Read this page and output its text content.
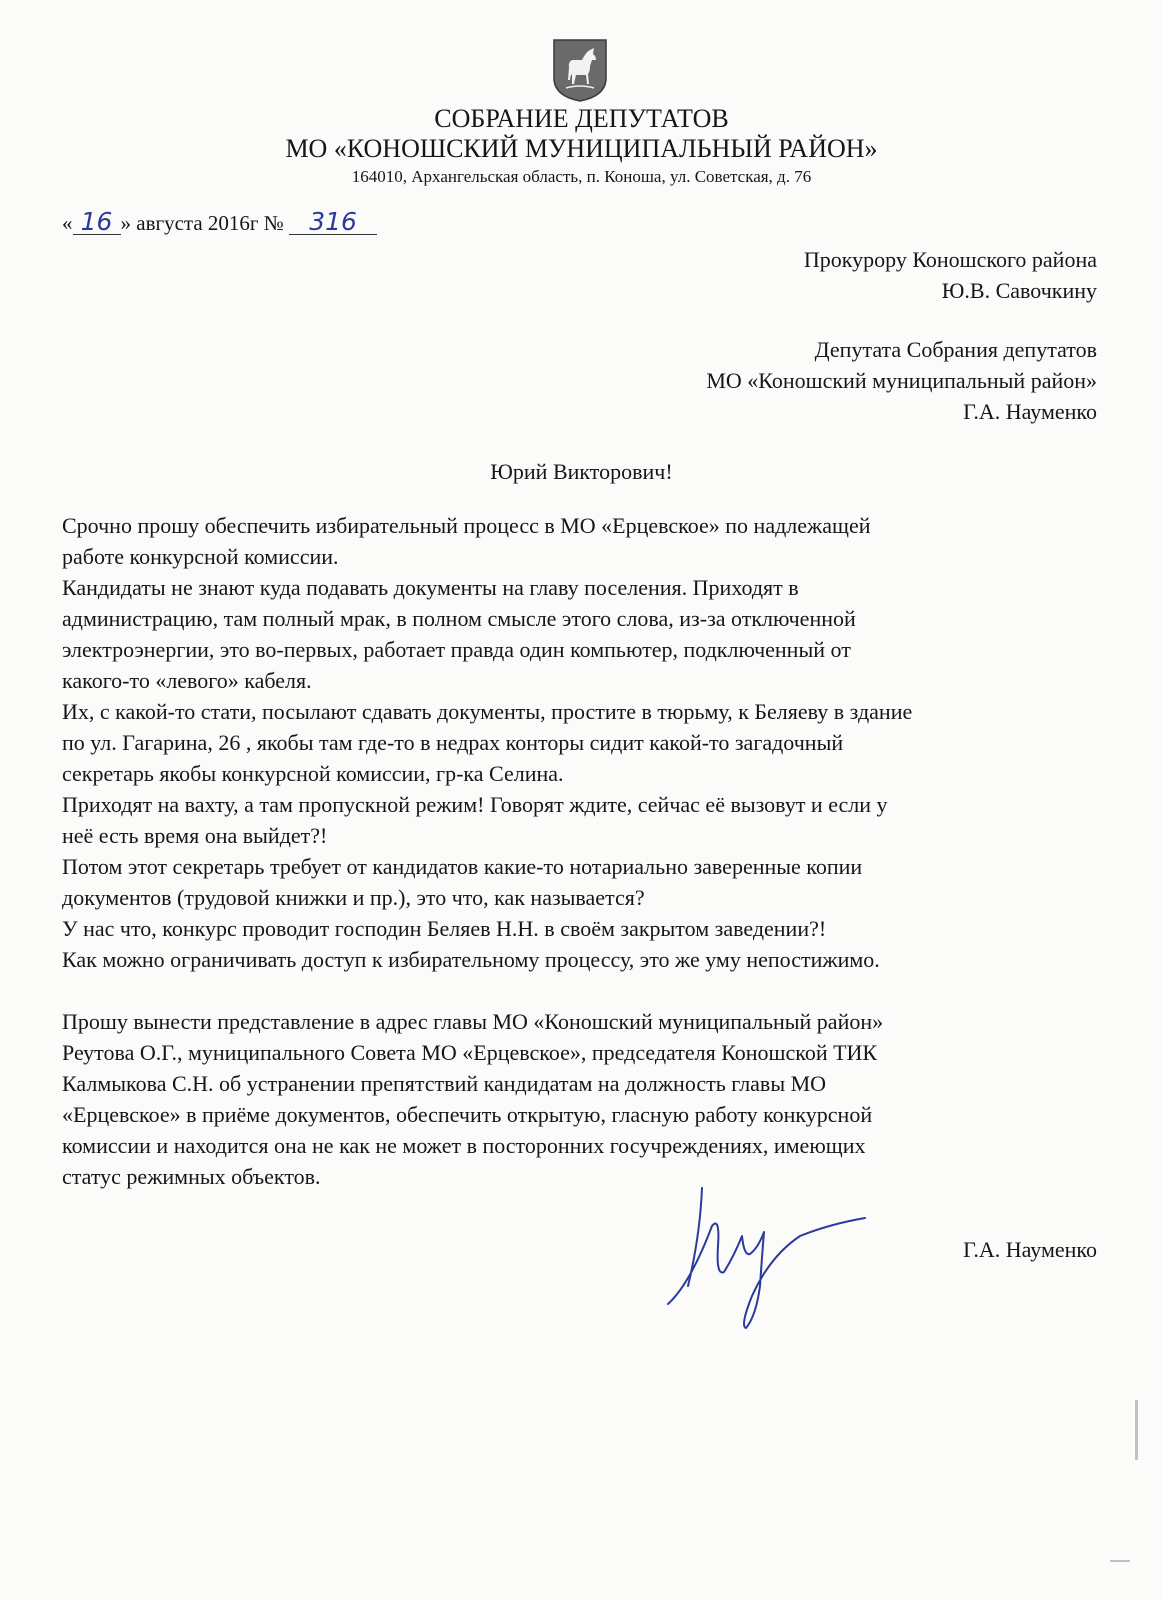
СОБРАНИЕ ДЕПУТАТОВ
МО «КОНОШСКИЙ МУНИЦИПАЛЬНЫЙ РАЙОН»
164010, Архангельская область, п. Коноша, ул. Советская, д. 76
« 16 » августа 2016г № 316
Прокурору Коношского района
Ю.В. Савочкину
Депутата Собрания депутатов
МО «Коношский муниципальный район»
Г.А. Науменко
Юрий Викторович!

Срочно прошу обеспечить избирательный процесс в МО «Ерцевское» по надлежащей
работе конкурсной комиссии.
Кандидаты не знают куда подавать документы на главу поселения. Приходят в
администрацию, там полный мрак, в полном смысле этого слова, из-за отключенной
электроэнергии, это во-первых, работает правда один компьютер, подключенный от
какого-то «левого» кабеля.
Их, с какой-то стати, посылают сдавать документы, простите в тюрьму, к Беляеву в здание
по ул. Гагарина, 26 , якобы там где-то в недрах конторы сидит какой-то загадочный
секретарь якобы конкурсной комиссии, гр-ка Селина.
Приходят на вахту, а там пропускной режим! Говорят ждите, сейчас её вызовут и если у
неё есть время она выйдет?!
Потом этот секретарь требует от кандидатов какие-то нотариально заверенные копии
документов (трудовой книжки и пр.), это что, как называется?
У нас что, конкурс проводит господин Беляев Н.Н. в своём закрытом заведении?!
Как можно ограничивать доступ к избирательному процессу, это же уму непостижимо.

Прошу вынести представление в адрес главы МО «Коношский муниципальный район»
Реутова О.Г., муниципального Совета МО «Ерцевское», председателя Коношской ТИК
Калмыкова С.Н. об устранении препятствий кандидатам на должность главы МО
«Ерцевское» в приёме документов, обеспечить открытую, гласную работу конкурсной
комиссии и находится она не как не может в посторонних госучреждениях, имеющих
статус режимных объектов.

Г.А. Науменко
